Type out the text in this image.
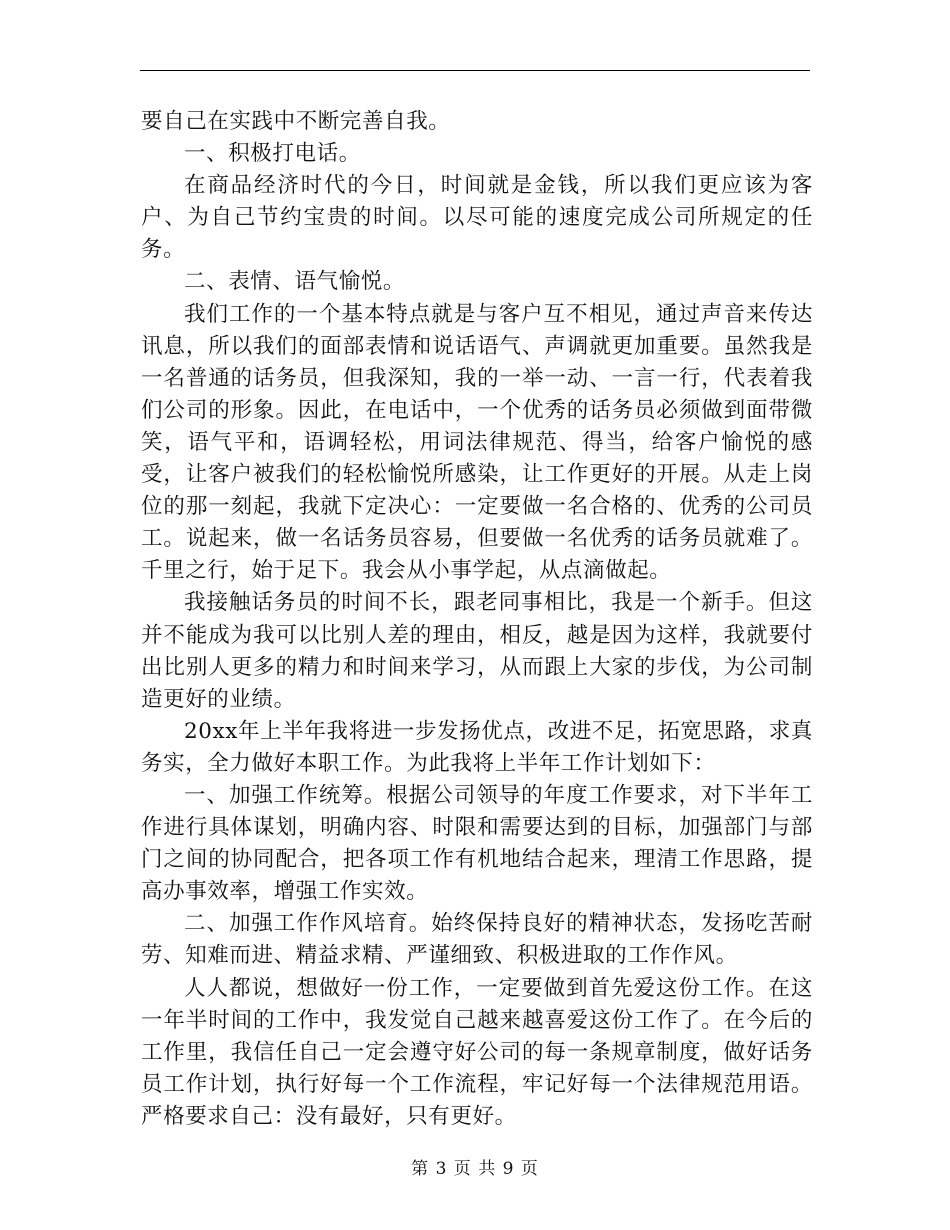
要自己在实践中不断完善自我。

一、积极打电话。

在商品经济时代的今日，时间就是金钱，所以我们更应该为客户、为自己节约宝贵的时间。以尽可能的速度完成公司所规定的任务。

二、表情、语气愉悦。

我们工作的一个基本特点就是与客户互不相见，通过声音来传达讯息，所以我们的面部表情和说话语气、声调就更加重要。虽然我是一名普通的话务员，但我深知，我的一举一动、一言一行，代表着我们公司的形象。因此，在电话中，一个优秀的话务员必须做到面带微笑，语气平和，语调轻松，用词法律规范、得当，给客户愉悦的感受，让客户被我们的轻松愉悦所感染，让工作更好的开展。从走上岗位的那一刻起，我就下定决心：一定要做一名合格的、优秀的公司员工。说起来，做一名话务员容易，但要做一名优秀的话务员就难了。千里之行，始于足下。我会从小事学起，从点滴做起。

我接触话务员的时间不长，跟老同事相比，我是一个新手。但这并不能成为我可以比别人差的理由，相反，越是因为这样，我就要付出比别人更多的精力和时间来学习，从而跟上大家的步伐，为公司制造更好的业绩。

20xx年上半年我将进一步发扬优点，改进不足，拓宽思路，求真务实，全力做好本职工作。为此我将上半年工作计划如下：

一、加强工作统筹。根据公司领导的年度工作要求，对下半年工作进行具体谋划，明确内容、时限和需要达到的目标，加强部门与部门之间的协同配合，把各项工作有机地结合起来，理清工作思路，提高办事效率，增强工作实效。

二、加强工作作风培育。始终保持良好的精神状态，发扬吃苦耐劳、知难而进、精益求精、严谨细致、积极进取的工作作风。

人人都说，想做好一份工作，一定要做到首先爱这份工作。在这一年半时间的工作中，我发觉自己越来越喜爱这份工作了。在今后的工作里，我信任自己一定会遵守好公司的每一条规章制度，做好话务员工作计划，执行好每一个工作流程，牢记好每一个法律规范用语。严格要求自己：没有最好，只有更好。

第 3 页 共 9 页
